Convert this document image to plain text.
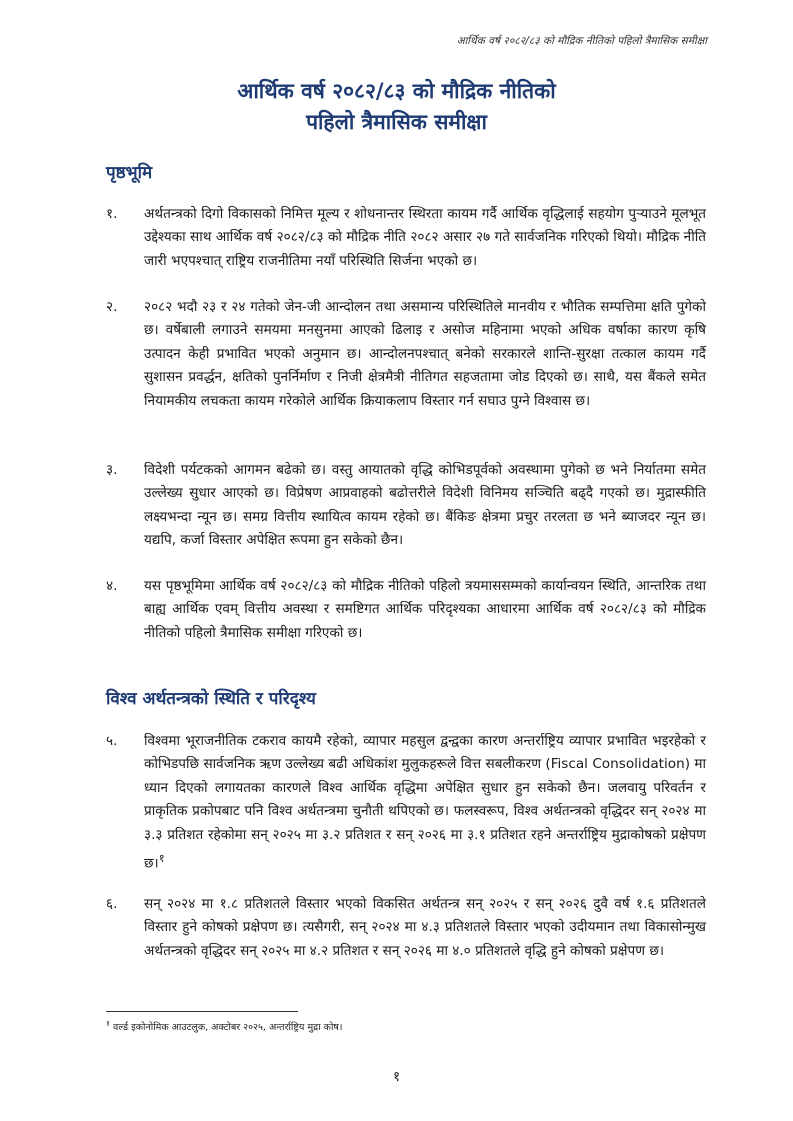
आर्थिक वर्ष २०८२/८३ को मौद्रिक नीतिको पहिलो त्रैमासिक समीक्षा
आर्थिक वर्ष २०८२/८३ को मौद्रिक नीतिको
पहिलो त्रैमासिक समीक्षा
पृष्ठभूमि
१.	अर्थतन्त्रको दिगो विकासको निमित्त मूल्य र शोधनान्तर स्थिरता कायम गर्दै आर्थिक वृद्धिलाई सहयोग पुऱ्याउने मूलभूत उद्देश्यका साथ आर्थिक वर्ष २०८२/८३ को मौद्रिक नीति २०८२ असार २७ गते सार्वजनिक गरिएको थियो। मौद्रिक नीति जारी भएपश्चात् राष्ट्रिय राजनीतिमा नयाँ परिस्थिति सिर्जना भएको छ।
२.	२०८२ भदौ २३ र २४ गतेको जेन-जी आन्दोलन तथा असमान्य परिस्थितिले मानवीय र भौतिक सम्पत्तिमा क्षति पुगेको छ। वर्षेबाली लगाउने समयमा मनसुनमा आएको ढिलाइ र असोज महिनामा भएको अधिक वर्षाका कारण कृषि उत्पादन केही प्रभावित भएको अनुमान छ। आन्दोलनपश्चात् बनेको सरकारले शान्ति-सुरक्षा तत्काल कायम गर्दै सुशासन प्रवर्द्धन, क्षतिको पुनर्निर्माण र निजी क्षेत्रमैत्री नीतिगत सहजतामा जोड दिएको छ। साथै, यस बैंकले समेत नियामकीय लचकता कायम गरेकोले आर्थिक क्रियाकलाप विस्तार गर्न सघाउ पुग्ने विश्वास छ।
३.	विदेशी पर्यटकको आगमन बढेको छ। वस्तु आयातको वृद्धि कोभिडपूर्वको अवस्थामा पुगेको छ भने निर्यातमा समेत उल्लेख्य सुधार आएको छ। विप्रेषण आप्रवाहको बढोत्तरीले विदेशी विनिमय सञ्चिति बढ्दै गएको छ। मुद्रास्फीति लक्ष्यभन्दा न्यून छ। समग्र वित्तीय स्थायित्व कायम रहेको छ। बैंकिङ क्षेत्रमा प्रचुर तरलता छ भने ब्याजदर न्यून छ। यद्यपि, कर्जा विस्तार अपेक्षित रूपमा हुन सकेको छैन।
४.	यस पृष्ठभूमिमा आर्थिक वर्ष २०८२/८३ को मौद्रिक नीतिको पहिलो त्रयमाससम्मको कार्यान्वयन स्थिति, आन्तरिक तथा बाह्य आर्थिक एवम् वित्तीय अवस्था र समष्टिगत आर्थिक परिदृश्यका आधारमा आर्थिक वर्ष २०८२/८३ को मौद्रिक नीतिको पहिलो त्रैमासिक समीक्षा गरिएको छ।
विश्व अर्थतन्त्रको स्थिति र परिदृश्य
५.	विश्वमा भूराजनीतिक टकराव कायमै रहेको, व्यापार महसुल द्वन्द्वका कारण अन्तर्राष्ट्रिय व्यापार प्रभावित भइरहेको र कोभिडपछि सार्वजनिक ऋण उल्लेख्य बढी अधिकांश मुलुकहरूले वित्त सबलीकरण (Fiscal Consolidation) मा ध्यान दिएको लगायतका कारणले विश्व आर्थिक वृद्धिमा अपेक्षित सुधार हुन सकेको छैन। जलवायु परिवर्तन र प्राकृतिक प्रकोपबाट पनि विश्व अर्थतन्त्रमा चुनौती थपिएको छ। फलस्वरूप, विश्व अर्थतन्त्रको वृद्धिदर सन् २०२४ मा ३.३ प्रतिशत रहेकोमा सन् २०२५ मा ३.२ प्रतिशत र सन् २०२६ मा ३.१ प्रतिशत रहने अन्तर्राष्ट्रिय मुद्राकोषको प्रक्षेपण छ।$^१$
६.	सन् २०२४ मा १.८ प्रतिशतले विस्तार भएको विकसित अर्थतन्त्र सन् २०२५ र सन् २०२६ दुवै वर्ष १.६ प्रतिशतले विस्तार हुने कोषको प्रक्षेपण छ। त्यसैगरी, सन् २०२४ मा ४.३ प्रतिशतले विस्तार भएको उदीयमान तथा विकासोन्मुख अर्थतन्त्रको वृद्धिदर सन् २०२५ मा ४.२ प्रतिशत र सन् २०२६ मा ४.० प्रतिशतले वृद्धि हुने कोषको प्रक्षेपण छ।
$^१$ वर्ल्ड इकोनोमिक आउटलुक, अक्टोबर २०२५, अन्तर्राष्ट्रिय मुद्रा कोष।
१
